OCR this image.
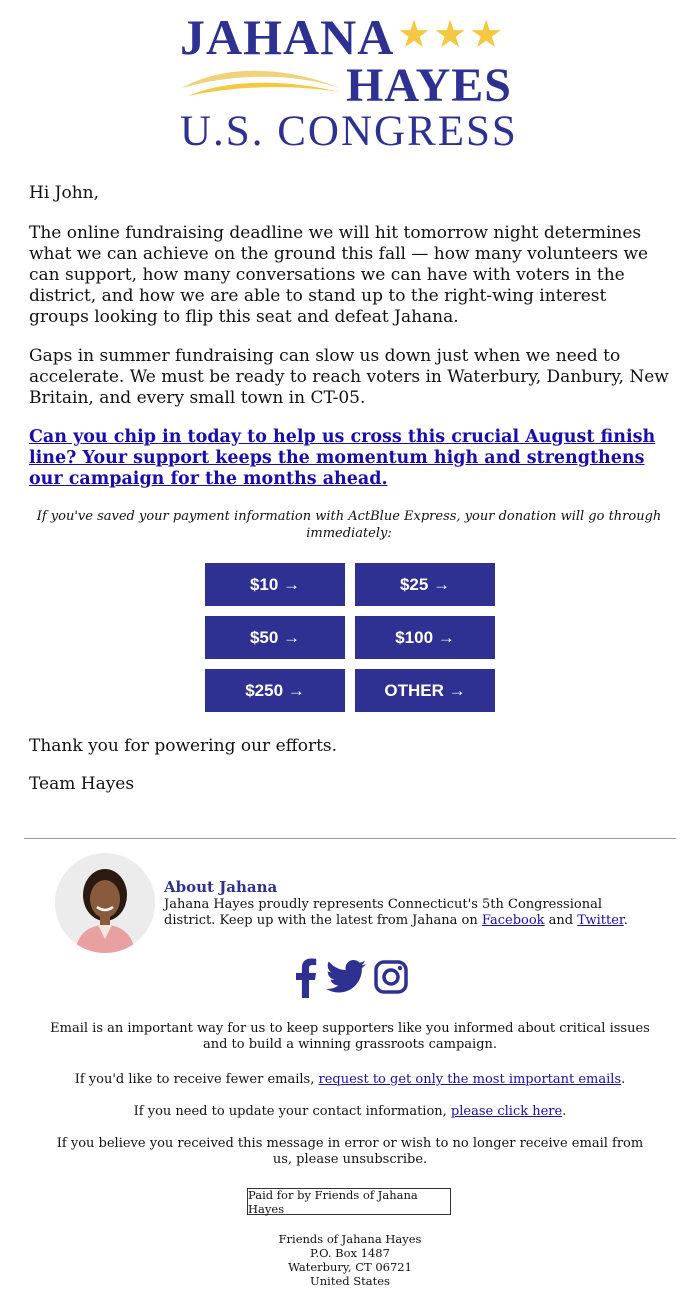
JAHANA ★★★
HAYES
U.S. CONGRESS

Hi John,

The online fundraising deadline we will hit tomorrow night determines what we can achieve on the ground this fall — how many volunteers we can support, how many conversations we can have with voters in the district, and how we are able to stand up to the right-wing interest groups looking to flip this seat and defeat Jahana.

Gaps in summer fundraising can slow us down just when we need to accelerate. We must be ready to reach voters in Waterbury, Danbury, New Britain, and every small town in CT-05.

Can you chip in today to help us cross this crucial August finish line? Your support keeps the momentum high and strengthens our campaign for the months ahead.

If you've saved your payment information with ActBlue Express, your donation will go through immediately:

$10 →	$25 →
$50 →	$100 →
$250 →	OTHER →

Thank you for powering our efforts.

Team Hayes

About Jahana
Jahana Hayes proudly represents Connecticut's 5th Congressional district. Keep up with the latest from Jahana on Facebook and Twitter.
Email is an important way for us to keep supporters like you informed about critical issues and to build a winning grassroots campaign.
If you'd like to receive fewer emails, request to get only the most important emails.
If you need to update your contact information, please click here.
If you believe you received this message in error or wish to no longer receive email from us, please unsubscribe.
Paid for by Friends of Jahana Hayes
Friends of Jahana Hayes
P.O. Box 1487
Waterbury, CT 06721
United States
